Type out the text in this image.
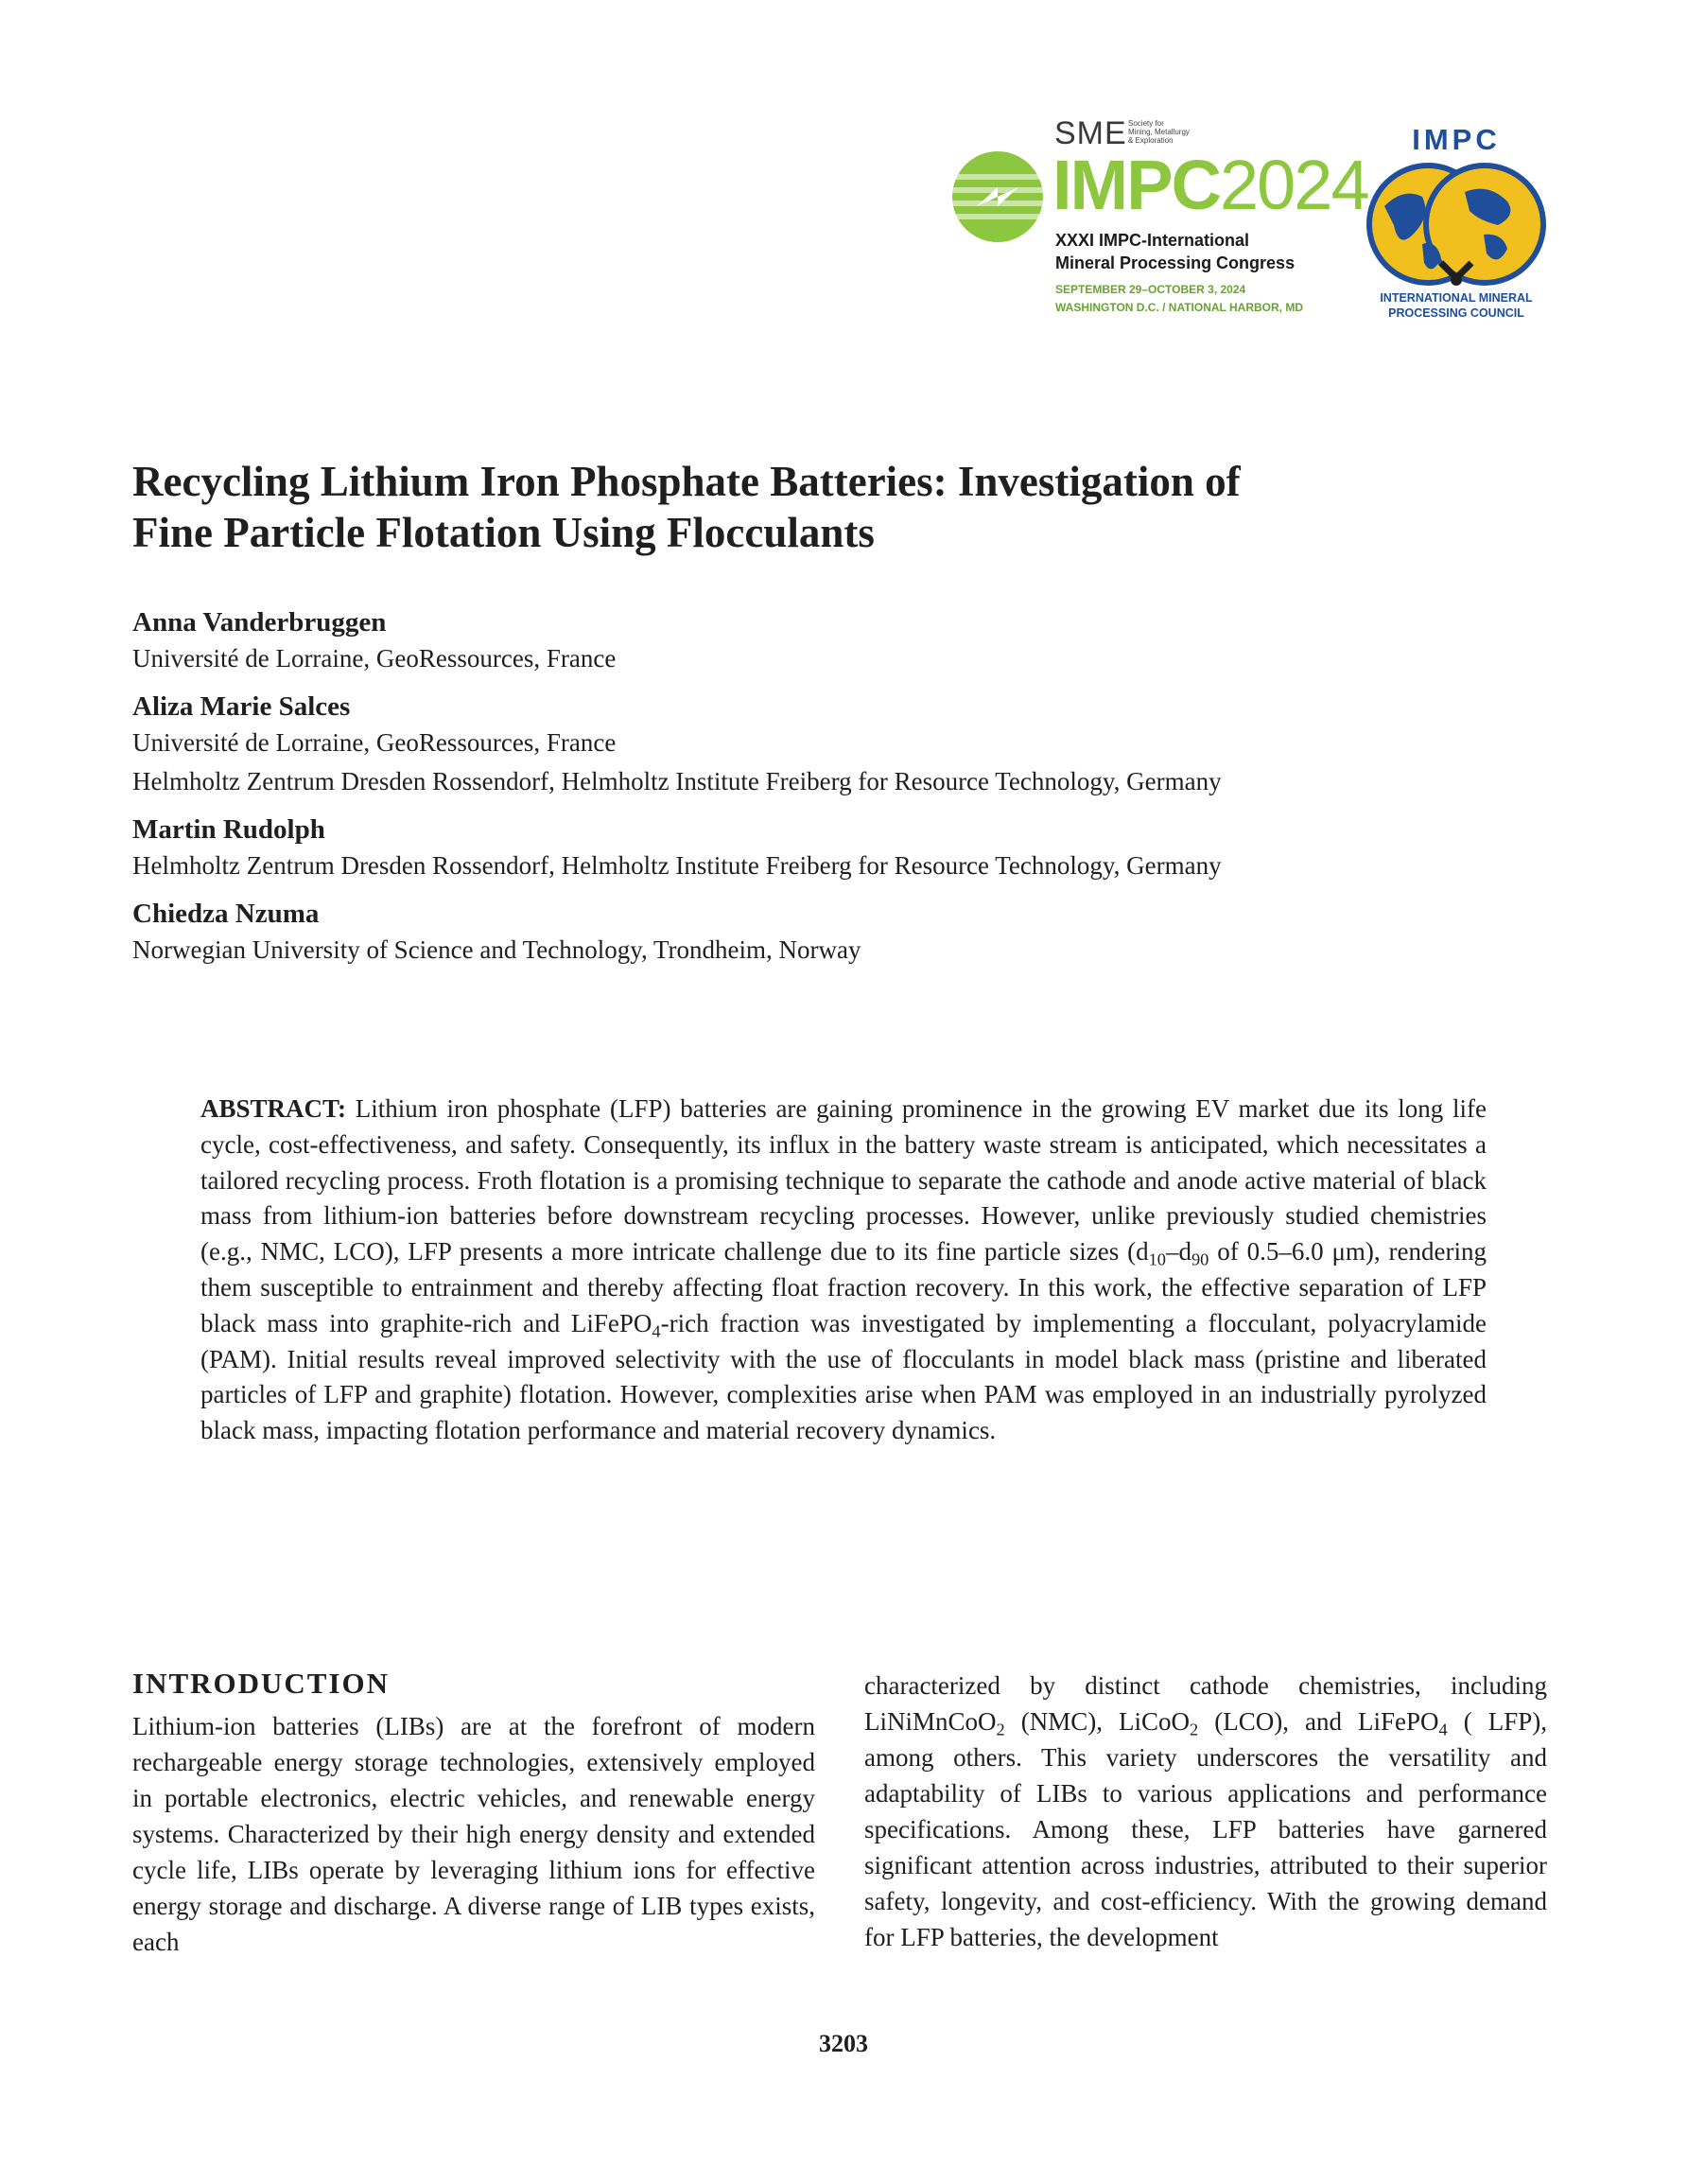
SME Society for
Mining, Metallurgy
& Exploration
IMPC2024
XXXI IMPC-International
Mineral Processing Congress
SEPTEMBER 29–OCTOBER 3, 2024
WASHINGTON D.C. / NATIONAL HARBOR, MD
IMPC
INTERNATIONAL MINERAL
PROCESSING COUNCIL
Recycling Lithium Iron Phosphate Batteries: Investigation of
Fine Particle Flotation Using Flocculants
Anna Vanderbruggen
Université de Lorraine, GeoRessources, France
Aliza Marie Salces
Université de Lorraine, GeoRessources, France
Helmholtz Zentrum Dresden Rossendorf, Helmholtz Institute Freiberg for Resource Technology, Germany
Martin Rudolph
Helmholtz Zentrum Dresden Rossendorf, Helmholtz Institute Freiberg for Resource Technology, Germany
Chiedza Nzuma
Norwegian University of Science and Technology, Trondheim, Norway

ABSTRACT: Lithium iron phosphate (LFP) batteries are gaining prominence in the growing EV market due its long life cycle, cost-effectiveness, and safety. Consequently, its influx in the battery waste stream is anticipated, which necessitates a tailored recycling process. Froth flotation is a promising technique to separate the cathode and anode active material of black mass from lithium-ion batteries before downstream recycling processes. However, unlike previously studied chemistries (e.g., NMC, LCO), LFP presents a more intricate challenge due to its fine particle sizes ($d_{10}-d_{90}$ of 0.5–6.0 μm), rendering them susceptible to entrainment and thereby affecting float fraction recovery. In this work, the effective separation of LFP black mass into graphite-rich and LiFePO$_4$-rich fraction was investigated by implementing a flocculant, polyacrylamide (PAM). Initial results reveal improved selectivity with the use of flocculants in model black mass (pristine and liberated particles of LFP and graphite) flotation. However, complexities arise when PAM was employed in an industrially pyrolyzed black mass, impacting flotation performance and material recovery dynamics.

INTRODUCTION

Lithium-ion batteries (LIBs) are at the forefront of modern rechargeable energy storage technologies, extensively employed in portable electronics, electric vehicles, and renewable energy systems. Characterized by their high energy density and extended cycle life, LIBs operate by leveraging lithium ions for effective energy storage and discharge. A diverse range of LIB types exists, each

characterized by distinct cathode chemistries, including LiNiMnCoO$_2$ (NMC), LiCoO$_2$ (LCO), and LiFePO$_4$ ( LFP), among others. This variety underscores the versatility and adaptability of LIBs to various applications and performance specifications. Among these, LFP batteries have garnered significant attention across industries, attributed to their superior safety, longevity, and cost-efficiency. With the growing demand for LFP batteries, the development

3203
